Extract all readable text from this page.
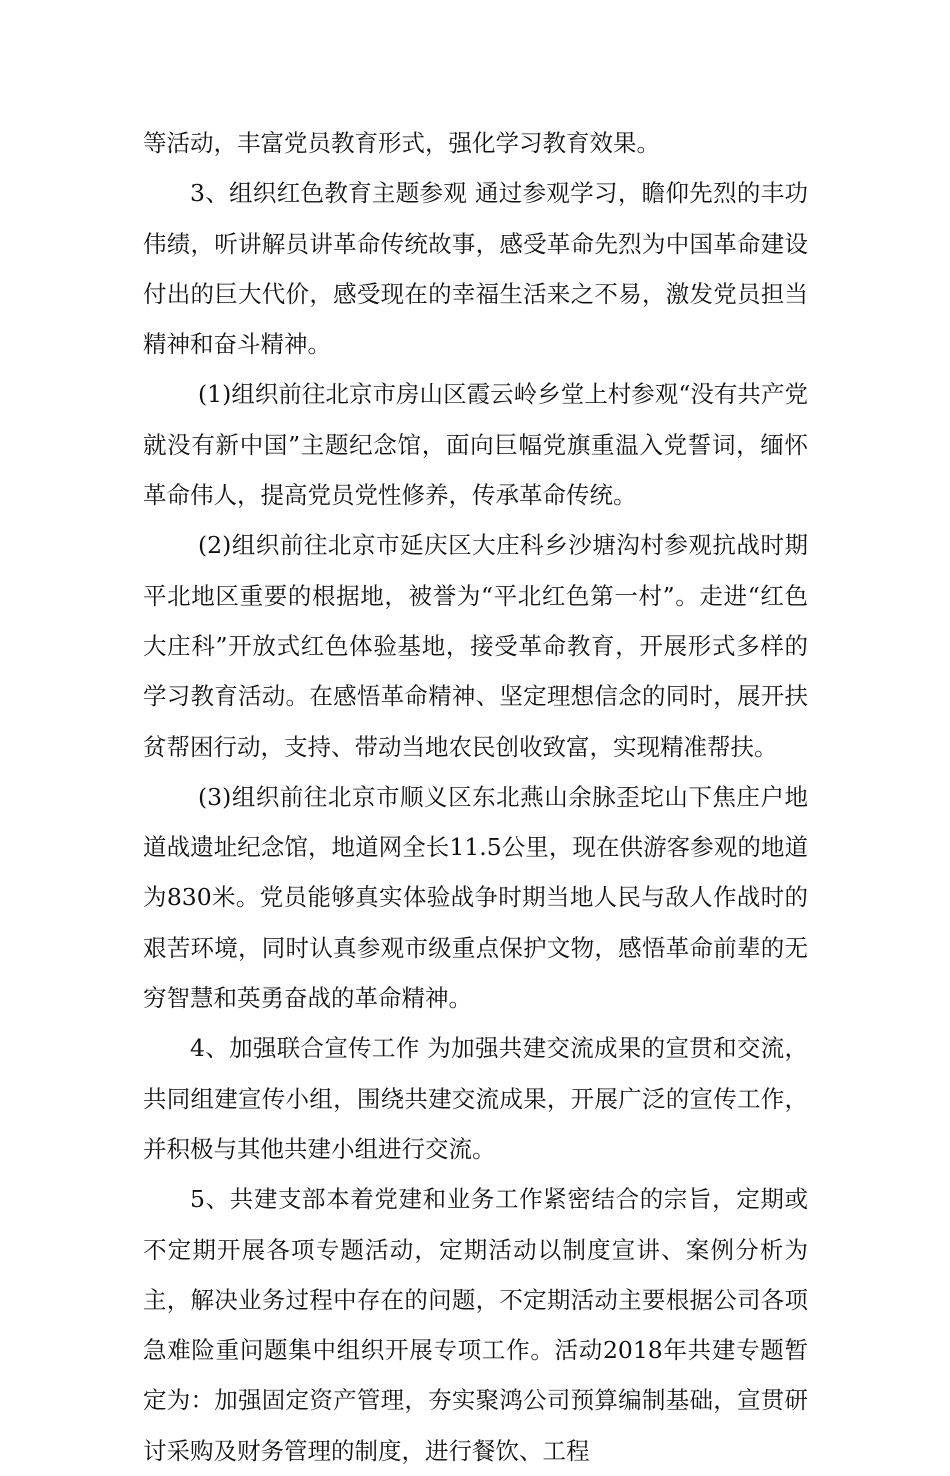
等活动，丰富党员教育形式，强化学习教育效果。

3、组织红色教育主题参观 通过参观学习，瞻仰先烈的丰功伟绩，听讲解员讲革命传统故事，感受革命先烈为中国革命建设付出的巨大代价，感受现在的幸福生活来之不易，激发党员担当精神和奋斗精神。

(1)组织前往北京市房山区霞云岭乡堂上村参观“没有共产党就没有新中国”主题纪念馆，面向巨幅党旗重温入党誓词，缅怀革命伟人，提高党员党性修养，传承革命传统。

(2)组织前往北京市延庆区大庄科乡沙塘沟村参观抗战时期平北地区重要的根据地，被誉为“平北红色第一村”。走进“红色大庄科”开放式红色体验基地，接受革命教育，开展形式多样的学习教育活动。在感悟革命精神、坚定理想信念的同时，展开扶贫帮困行动，支持、带动当地农民创收致富，实现精准帮扶。

(3)组织前往北京市顺义区东北燕山余脉歪坨山下焦庄户地道战遗址纪念馆，地道网全长11.5公里，现在供游客参观的地道为830米。党员能够真实体验战争时期当地人民与敌人作战时的艰苦环境，同时认真参观市级重点保护文物，感悟革命前辈的无穷智慧和英勇奋战的革命精神。

4、加强联合宣传工作 为加强共建交流成果的宣贯和交流，共同组建宣传小组，围绕共建交流成果，开展广泛的宣传工作，并积极与其他共建小组进行交流。

5、共建支部本着党建和业务工作紧密结合的宗旨，定期或不定期开展各项专题活动，定期活动以制度宣讲、案例分析为主，解决业务过程中存在的问题，不定期活动主要根据公司各项急难险重问题集中组织开展专项工作。活动2018年共建专题暂定为：加强固定资产管理，夯实聚鸿公司预算编制基础，宣贯研讨采购及财务管理的制度，进行餐饮、工程
